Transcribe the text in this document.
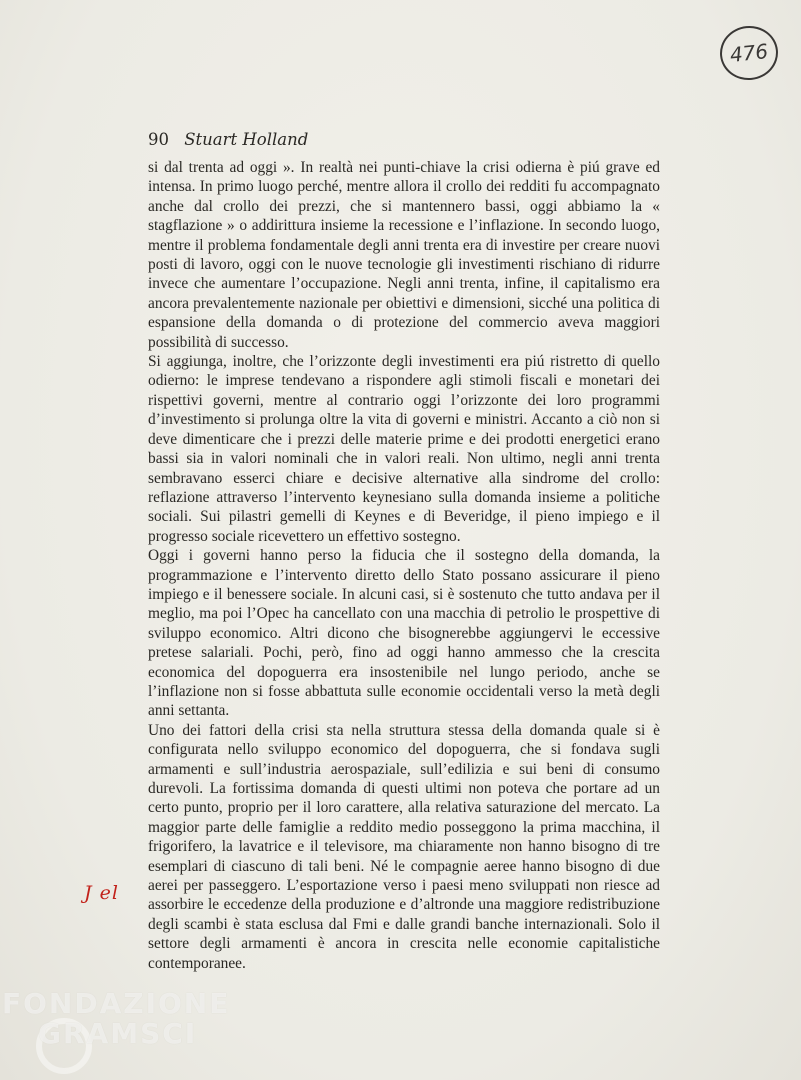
476
90 Stuart Holland

si dal trenta ad oggi ». In realtà nei punti-chiave la crisi odierna è piú grave ed intensa. In primo luogo perché, mentre allora il crollo dei redditi fu accompagnato anche dal crollo dei prezzi, che si mantennero bassi, oggi abbiamo la « stagflazione » o addirittura insieme la recessione e l’inflazione. In secondo luogo, mentre il problema fondamentale degli anni trenta era di investire per creare nuovi posti di lavoro, oggi con le nuove tecnologie gli investimenti rischiano di ridurre invece che aumentare l’occupazione. Negli anni trenta, infine, il capitalismo era ancora prevalentemente nazionale per obiettivi e dimensioni, sicché una politica di espansione della domanda o di protezione del commercio aveva maggiori possibilità di successo.

Si aggiunga, inoltre, che l’orizzonte degli investimenti era piú ristretto di quello odierno: le imprese tendevano a rispondere agli stimoli fiscali e monetari dei rispettivi governi, mentre al contrario oggi l’orizzonte dei loro programmi d’investimento si prolunga oltre la vita di governi e ministri. Accanto a ciò non si deve dimenticare che i prezzi delle materie prime e dei prodotti energetici erano bassi sia in valori nominali che in valori reali. Non ultimo, negli anni trenta sembravano esserci chiare e decisive alternative alla sindrome del crollo: reflazione attraverso l’intervento keynesiano sulla domanda insieme a politiche sociali. Sui pilastri gemelli di Keynes e di Beveridge, il pieno impiego e il progresso sociale ricevettero un effettivo sostegno.

Oggi i governi hanno perso la fiducia che il sostegno della domanda, la programmazione e l’intervento diretto dello Stato possano assicurare il pieno impiego e il benessere sociale. In alcuni casi, si è sostenuto che tutto andava per il meglio, ma poi l’Opec ha cancellato con una macchia di petrolio le prospettive di sviluppo economico. Altri dicono che bisognerebbe aggiungervi le eccessive pretese salariali. Pochi, però, fino ad oggi hanno ammesso che la crescita economica del dopoguerra era insostenibile nel lungo periodo, anche se l’inflazione non si fosse abbattuta sulle economie occidentali verso la metà degli anni settanta.

Uno dei fattori della crisi sta nella struttura stessa della domanda quale si è configurata nello sviluppo economico del dopoguerra, che si fondava sugli armamenti e sull’industria aerospaziale, sull’edilizia e sui beni di consumo durevoli. La fortissima domanda di questi ultimi non poteva che portare ad un certo punto, proprio per il loro carattere, alla relativa saturazione del mercato. La maggior parte delle famiglie a reddito medio posseggono la prima macchina, il frigorifero, la lavatrice e il televisore, ma chiaramente non hanno bisogno di tre esemplari di ciascuno di tali beni. Né le compagnie aeree hanno bisogno di due aerei per passeggero. L’esportazione verso i paesi meno sviluppati non riesce ad assorbire le eccedenze della produzione e d’altronde una maggiore redistribuzione degli scambi è stata esclusa dal Fmi e dalle grandi banche internazionali. Solo il settore degli armamenti è ancora in crescita nelle economie capitalistiche contemporanee.

J el
FONDAZIONE
GRAMSCI
